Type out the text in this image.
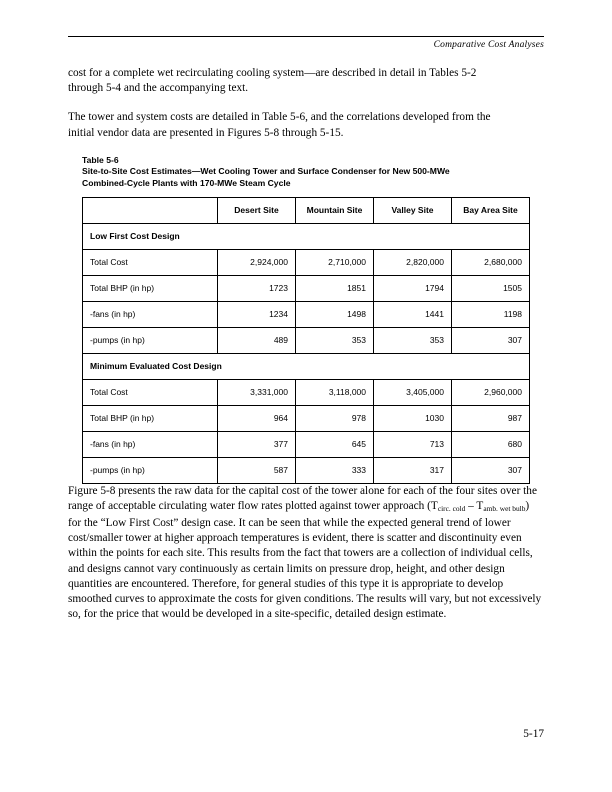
Comparative Cost Analyses

cost for a complete wet recirculating cooling system—are described in detail in Tables 5-2
through 5-4 and the accompanying text.

The tower and system costs are detailed in Table 5-6, and the correlations developed from the
initial vendor data are presented in Figures 5-8 through 5-15.

Table 5-6
Site-to-Site Cost Estimates—Wet Cooling Tower and Surface Condenser for New 500-MWe
Combined-Cycle Plants with 170-MWe Steam Cycle
	Desert Site	Mountain Site	Valley Site	Bay Area Site
Low First Cost Design				
Total Cost	2,924,000	2,710,000	2,820,000	2,680,000
Total BHP (in hp)	1723	1851	1794	1505
-fans (in hp)	1234	1498	1441	1198
-pumps (in hp)	489	353	353	307
Minimum Evaluated Cost Design				
Total Cost	3,331,000	3,118,000	3,405,000	2,960,000
Total BHP (in hp)	964	978	1030	987
-fans (in hp)	377	645	713	680
-pumps (in hp)	587	333	317	307

Figure 5-8 presents the raw data for the capital cost of the tower alone for each of the four sites over the range of acceptable circulating water flow rates plotted against tower approach $(T_{circ. cold} - T_{amb. wet bulb})$ for the “Low First Cost” design case. It can be seen that while the expected general trend of lower cost/smaller tower at higher approach temperatures is evident, there is scatter and discontinuity even within the points for each site. This results from the fact that towers are a collection of individual cells, and designs cannot vary continuously as certain limits on pressure drop, height, and other design quantities are encountered. Therefore, for general studies of this type it is appropriate to develop smoothed curves to approximate the costs for given conditions. The results will vary, but not excessively so, for the price that would be developed in a site-specific, detailed design estimate.

5-17
